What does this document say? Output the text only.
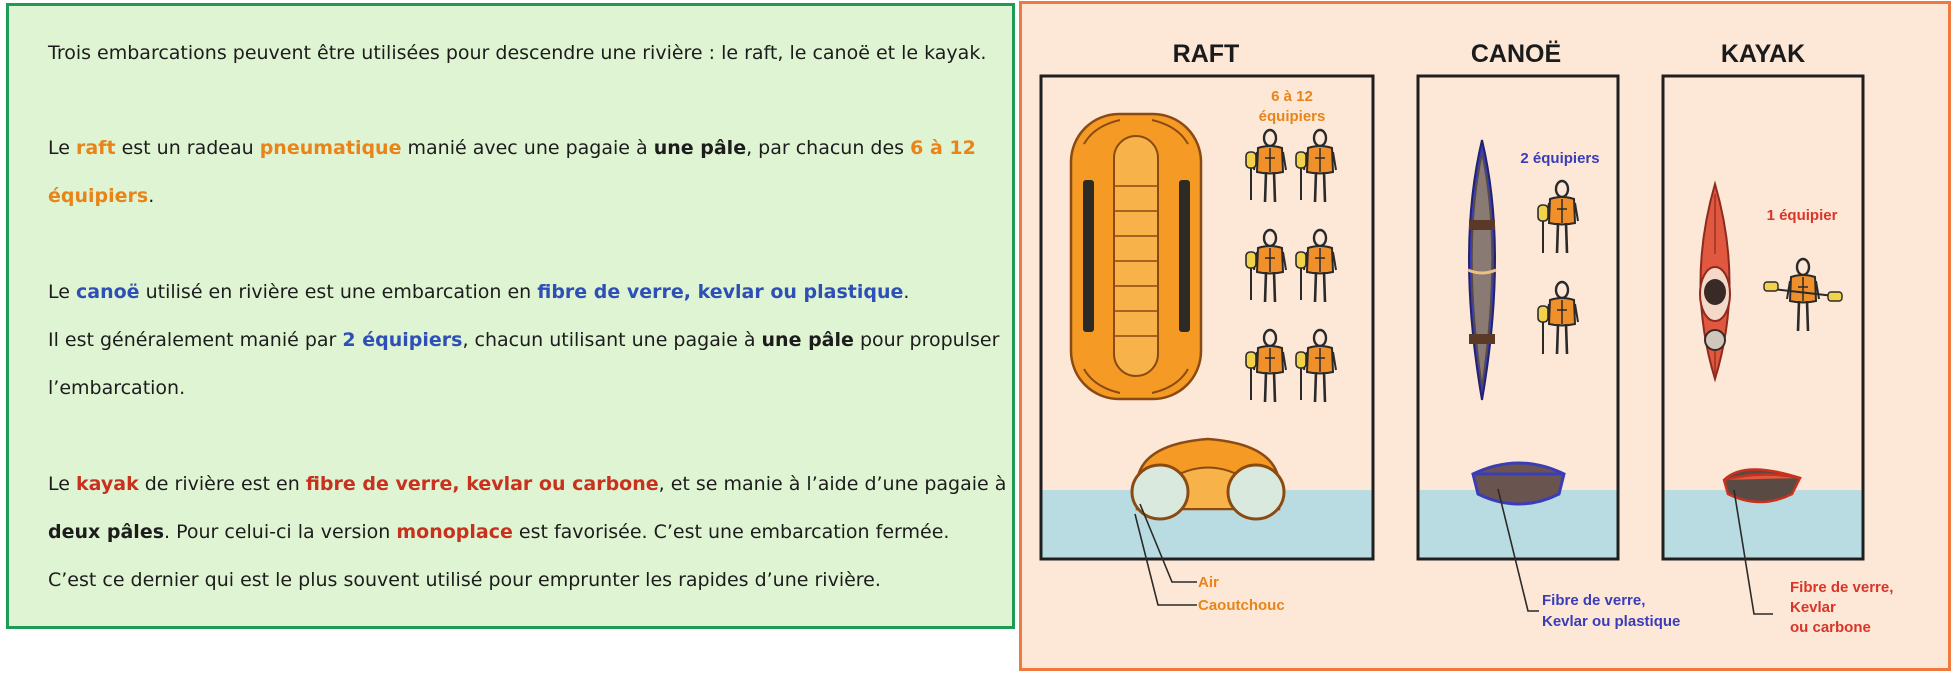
Trois embarcations peuvent être utilisées pour descendre une rivière : le raft, le canoë et le kayak.
Le raft est un radeau pneumatique manié avec une pagaie à une pâle, par chacun des 6 à 12
équipiers.
Le canoë utilisé en rivière est une embarcation en fibre de verre, kevlar ou plastique.
Il est généralement manié par 2 équipiers, chacun utilisant une pagaie à une pâle pour propulser
l’embarcation.
Le kayak de rivière est en fibre de verre, kevlar ou carbone, et se manie à l’aide d’une pagaie à
deux pâles. Pour celui-ci la version monoplace est favorisée. C’est une embarcation fermée.
C’est ce dernier qui est le plus souvent utilisé pour emprunter les rapides d’une rivière.
RAFT	CANOË	KAYAK
6 à 12
équipiers
Air
Caoutchouc
2 équipiers
Fibre de verre,
Kevlar ou plastique
1 équipier
Fibre de verre,
Kevlar
ou carbone
